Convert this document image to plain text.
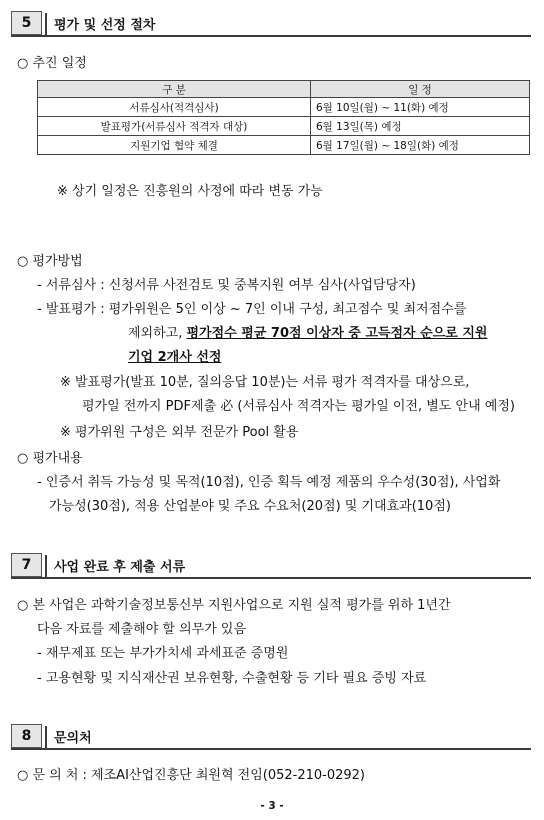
5	평가 및 선정 절차
○ 추진 일정
구 분	일 정
서류심사(적격심사)	6월 10일(월) ~ 11(화) 예정
발표평가(서류심사 적격자 대상)	6월 13일(목) 예정
지원기업 협약 체결	6월 17일(월) ~ 18일(화) 예정
※ 상기 일정은 진흥원의 사정에 따라 변동 가능
○ 평가방법
- 서류심사 : 신청서류 사전검토 및 중복지원 여부 심사(사업담당자)
- 발표평가 : 평가위원은 5인 이상 ~ 7인 이내 구성, 최고점수 및 최저점수를
제외하고, 평가점수 평균 70점 이상자 중 고득점자 순으로 지원
기업 2개사 선정
※ 발표평가(발표 10분, 질의응답 10분)는 서류 평가 적격자를 대상으로,
평가일 전까지 PDF제출 必 (서류심사 적격자는 평가일 이전, 별도 안내 예정)
※ 평가위원 구성은 외부 전문가 Pool 활용
○ 평가내용
- 인증서 취득 가능성 및 목적(10점), 인증 획득 예정 제품의 우수성(30점), 사업화
가능성(30점), 적용 산업분야 및 주요 수요처(20점) 및 기대효과(10점)
7	사업 완료 후 제출 서류
○ 본 사업은 과학기술정보통신부 지원사업으로 지원 실적 평가를 위하 1년간
다음 자료를 제출해야 할 의무가 있음
- 재무제표 또는 부가가치세 과세표준 증명원
- 고용현황 및 지식재산권 보유현황, 수출현황 등 기타 필요 증빙 자료
8	문의처
○ 문 의 처 : 제조AI산업진흥단 최원혁 전임(052-210-0292)
- 3 -
